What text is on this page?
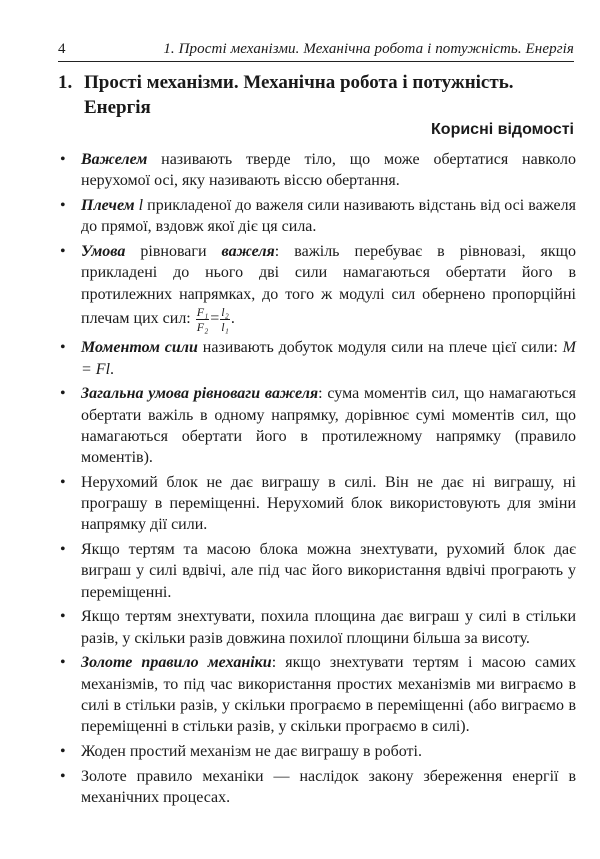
4	1. Прості механізми. Механічна робота і потужність. Енергія
1. Прості механізми. Механічна робота і потужність. Енергія
Корисні відомості
• Важелем називають тверде тіло, що може обертатися навколо нерухомої осі, яку називають віссю обертання.
• Плечем l прикладеної до важеля сили називають відстань від осі важеля до прямої, вздовж якої діє ця сила.
• Умова рівноваги важеля: важіль перебуває в рівновазі, якщо прикладені до нього дві сили намагаються обертати його в протилежних напрямках, до того ж модулі сил обернено пропорційні плечам цих сил: $\frac{\text{F₁}}{\text{F₂}} = \frac{\text{l₂}}{\text{l₁}}$ .
• Моментом сили називають добуток модуля сили на плече цієї сили: M = Fl.
• Загальна умова рівноваги важеля: сума моментів сил, що намагаються обертати важіль в одному напрямку, дорівнює сумі моментів сил, що намагаються обертати його в протилежному напрямку (правило моментів).
• Нерухомий блок не дає виграшу в силі. Він не дає ні виграшу, ні програшу в переміщенні. Нерухомий блок використовують для зміни напрямку дії сили.
• Якщо тертям та масою блока можна знехтувати, рухомий блок дає виграш у силі вдвічі, але під час його використання вдвічі програють у переміщенні.
• Якщо тертям знехтувати, похила площина дає виграш у силі в стільки разів, у скільки разів довжина похилої площини більша за висоту.
• Золоте правило механіки: якщо знехтувати тертям і масою самих механізмів, то під час використання простих механізмів ми виграємо в силі в стільки разів, у скільки програємо в переміщенні (або виграємо в переміщенні в стільки разів, у скільки програємо в силі).
• Жоден простий механізм не дає виграшу в роботі.
• Золоте правило механіки — наслідок закону збереження енергії в механічних процесах.
